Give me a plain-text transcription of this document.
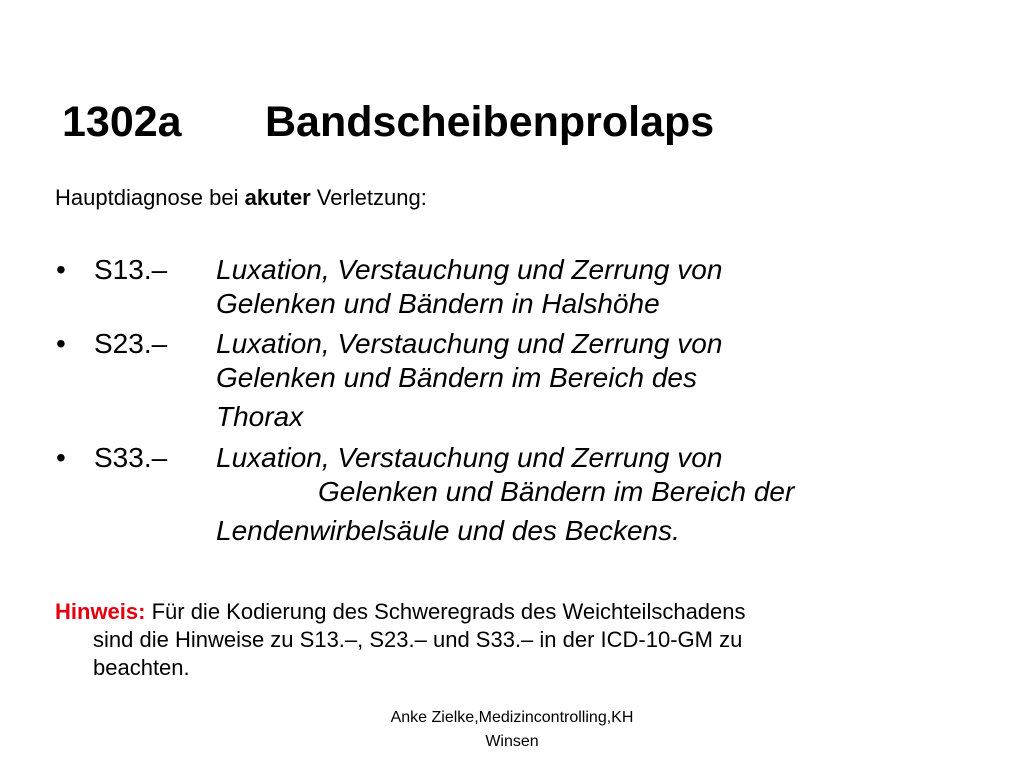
1302a Bandscheibenprolaps
Hauptdiagnose bei akuter Verletzung:
• S13.– Luxation, Verstauchung und Zerrung von
Gelenken und Bändern in Halshöhe
• S23.– Luxation, Verstauchung und Zerrung von
Gelenken und Bändern im Bereich des
Thorax
• S33.– Luxation, Verstauchung und Zerrung von
Gelenken und Bändern im Bereich der
Lendenwirbelsäule und des Beckens.
Hinweis: Für die Kodierung des Schweregrads des Weichteilschadens
sind die Hinweise zu S13.–, S23.– und S33.– in der ICD-10-GM zu
beachten.
Anke Zielke,Medizincontrolling,KH
Winsen
